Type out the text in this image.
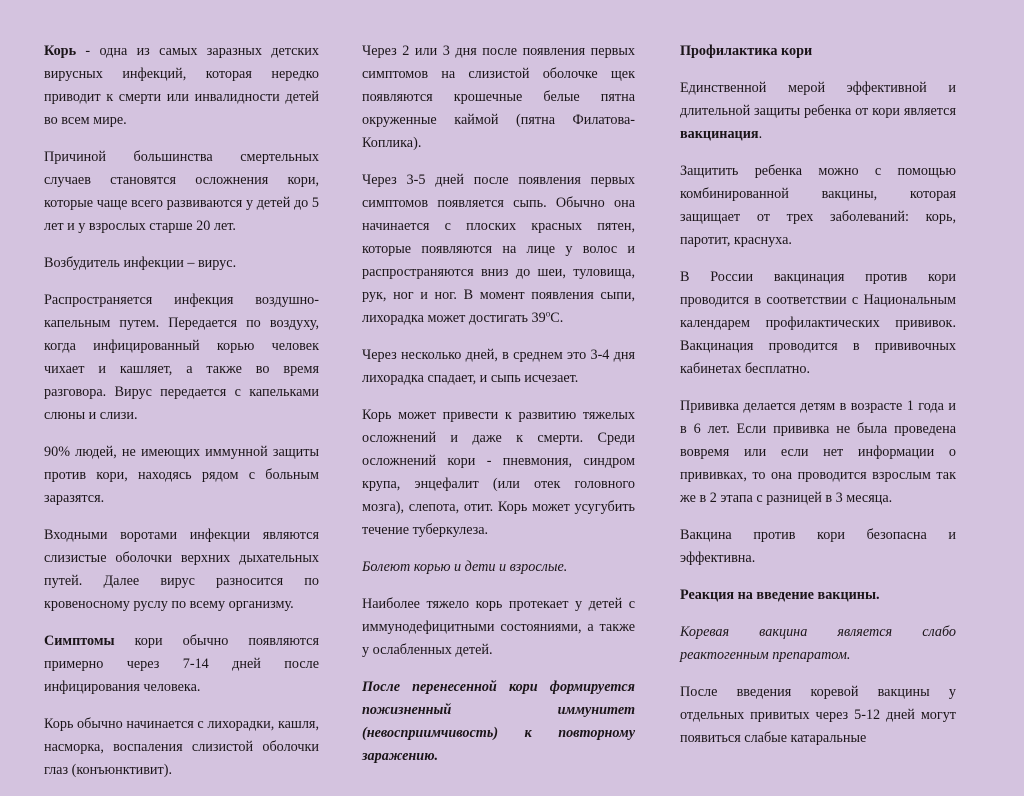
Корь - одна из самых заразных детских вирусных инфекций, которая нередко приводит к смерти или инвалидности детей во всем мире.

Причиной большинства смертельных случаев становятся осложнения кори, которые чаще всего развиваются у детей до 5 лет и у взрослых старше 20 лет.

Возбудитель инфекции – вирус.

Распространяется инфекция воздушно-капельным путем. Передается по воздуху, когда инфицированный корью человек чихает и кашляет, а также во время разговора. Вирус передается с капельками слюны и слизи.

90% людей, не имеющих иммунной защиты против кори, находясь рядом с больным заразятся.

Входными воротами инфекции являются слизистые оболочки верхних дыхательных путей. Далее вирус разносится по кровеносному руслу по всему организму.

Симптомы кори обычно появляются примерно через 7-14 дней после инфицирования человека.

Корь обычно начинается с лихорадки, кашля, насморка, воспаления слизистой оболочки глаз (конъюнктивит).

Через 2 или 3 дня после появления первых симптомов на слизистой оболочке щек появляются крошечные белые пятна окруженные каймой (пятна Филатова-Коплика).

Через 3-5 дней после появления первых симптомов появляется сыпь. Обычно она начинается с плоских красных пятен, которые появляются на лице у волос и распространяются вниз до шеи, туловища, рук, ног и ног. В момент появления сыпи, лихорадка может достигать $39^оС$.

Через несколько дней, в среднем это 3-4 дня лихорадка спадает, и сыпь исчезает.

Корь может привести к развитию тяжелых осложнений и даже к смерти. Среди осложнений кори - пневмония, синдром крупа, энцефалит (или отек головного мозга), слепота, отит. Корь может усугубить течение туберкулеза.

Болеют корью и дети и взрослые.

Наиболее тяжело корь протекает у детей с иммунодефицитными состояниями, а также у ослабленных детей.

После перенесенной кори формируется пожизненный иммунитет (невосприимчивость) к повторному заражению.

Профилактика кори

Единственной мерой эффективной и длительной защиты ребенка от кори является вакцинация.

Защитить ребенка можно с помощью комбинированной вакцины, которая защищает от трех заболеваний: корь, паротит, краснуха.

В России вакцинация против кори проводится в соответствии с Национальным календарем профилактических прививок. Вакцинация проводится в прививочных кабинетах бесплатно.

Прививка делается детям в возрасте 1 года и в 6 лет. Если прививка не была проведена вовремя или если нет информации о прививках, то она проводится взрослым так же в 2 этапа с разницей в 3 месяца.

Вакцина против кори безопасна и эффективна.

Реакция на введение вакцины.

Коревая вакцина является слабо реактогенным препаратом.

После введения коревой вакцины у отдельных привитых через 5-12 дней могут появиться слабые катаральные
